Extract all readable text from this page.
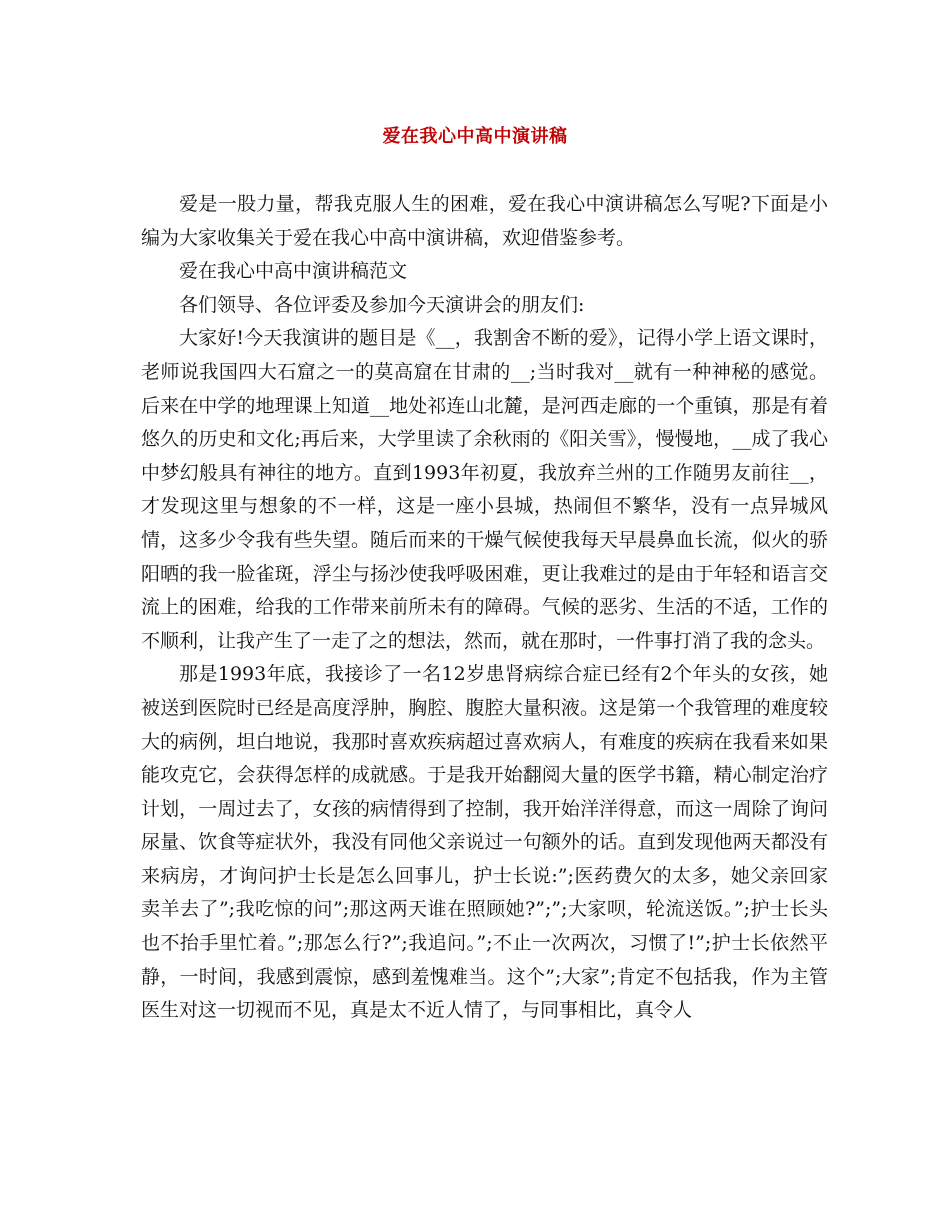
爱在我心中高中演讲稿

爱是一股力量，帮我克服人生的困难，爱在我心中演讲稿怎么写呢?下面是小编为大家收集关于爱在我心中高中演讲稿，欢迎借鉴参考。

爱在我心中高中演讲稿范文

各们领导、各位评委及参加今天演讲会的朋友们:

大家好!今天我演讲的题目是《__，我割舍不断的爱》，记得小学上语文课时，老师说我国四大石窟之一的莫高窟在甘肃的__;当时我对__就有一种神秘的感觉。后来在中学的地理课上知道__地处祁连山北麓，是河西走廊的一个重镇，那是有着悠久的历史和文化;再后来，大学里读了余秋雨的《阳关雪》，慢慢地，__成了我心中梦幻般具有神往的地方。直到1993年初夏，我放弃兰州的工作随男友前往__，才发现这里与想象的不一样，这是一座小县城，热闹但不繁华，没有一点异城风情，这多少令我有些失望。随后而来的干燥气候使我每天早晨鼻血长流，似火的骄阳晒的我一脸雀斑，浮尘与扬沙使我呼吸困难，更让我难过的是由于年轻和语言交流上的困难，给我的工作带来前所未有的障碍。气候的恶劣、生活的不适，工作的不顺利，让我产生了一走了之的想法，然而，就在那时，一件事打消了我的念头。

那是1993年底，我接诊了一名12岁患肾病综合症已经有2个年头的女孩，她被送到医院时已经是高度浮肿，胸腔、腹腔大量积液。这是第一个我管理的难度较大的病例，坦白地说，我那时喜欢疾病超过喜欢病人，有难度的疾病在我看来如果能攻克它，会获得怎样的成就感。于是我开始翻阅大量的医学书籍，精心制定治疗计划，一周过去了，女孩的病情得到了控制，我开始洋洋得意，而这一周除了询问尿量、饮食等症状外，我没有同他父亲说过一句额外的话。直到发现他两天都没有来病房，才询问护士长是怎么回事儿，护士长说:”;医药费欠的太多，她父亲回家卖羊去了”;我吃惊的问”;那这两天谁在照顾她?”;”;大家呗，轮流送饭。”;护士长头也不抬手里忙着。”;那怎么行?”;我追问。”;不止一次两次，习惯了!”;护士长依然平静，一时间，我感到震惊，感到羞愧难当。这个”;大家”;肯定不包括我，作为主管医生对这一切视而不见，真是太不近人情了，与同事相比，真令人
